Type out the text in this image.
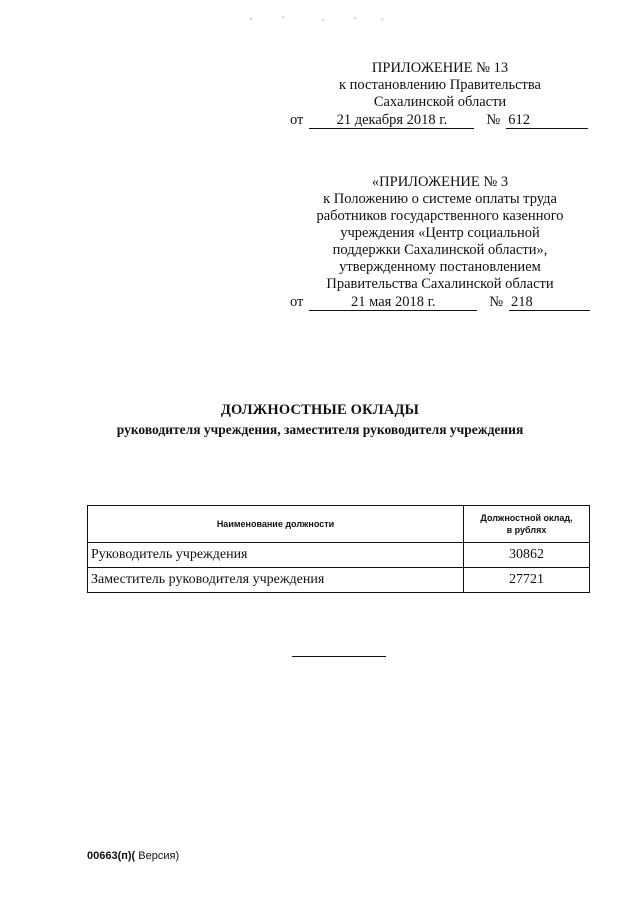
ПРИЛОЖЕНИЕ № 13

к постановлению Правительства

Сахалинской области

от	21 декабря 2018 г.	№ 612

«ПРИЛОЖЕНИЕ № 3

к Положению о системе оплаты труда

работников государственного казенного

учреждения «Центр социальной

поддержки Сахалинской области»,

утвержденному постановлением

Правительства Сахалинской области

от	21 мая 2018 г.	№ 218
ДОЛЖНОСТНЫЕ ОКЛАДЫ
руководителя учреждения, заместителя руководителя учреждения
Наименование должности	Должностной оклад,
в рублях
Руководитель учреждения	30862
Заместитель руководителя учреждения	27721
00663(п)( Версия)
